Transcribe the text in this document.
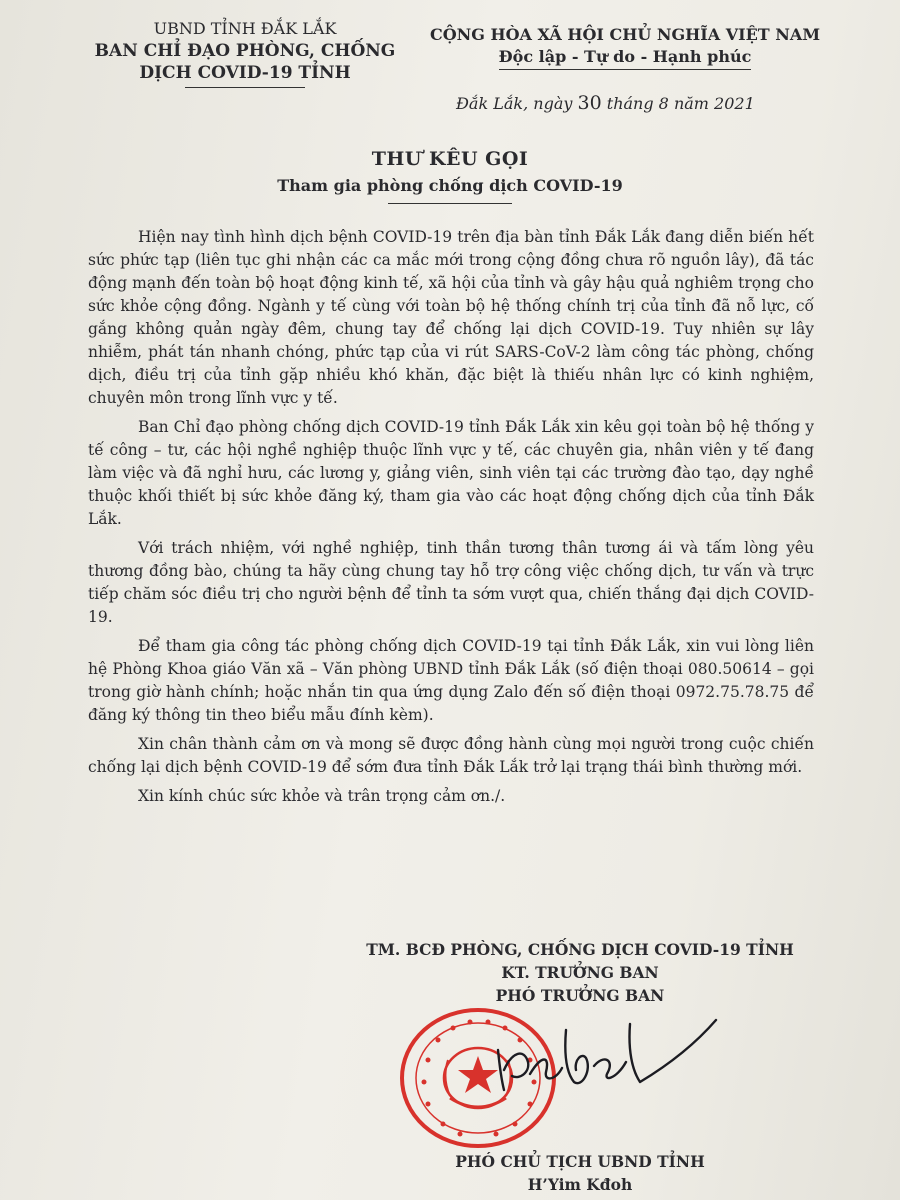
UBND TỈNH ĐẮK LẮK
BAN CHỈ ĐẠO PHÒNG, CHỐNG
DỊCH COVID-19 TỈNH
CỘNG HÒA XÃ HỘI CHỦ NGHĨA VIỆT NAM
Độc lập - Tự do - Hạnh phúc
Đắk Lắk, ngày 30 tháng 8 năm 2021
THƯ KÊU GỌI
Tham gia phòng chống dịch COVID-19

Hiện nay tình hình dịch bệnh COVID-19 trên địa bàn tỉnh Đắk Lắk đang diễn biến hết sức phức tạp (liên tục ghi nhận các ca mắc mới trong cộng đồng chưa rõ nguồn lây), đã tác động mạnh đến toàn bộ hoạt động kinh tế, xã hội của tỉnh và gây hậu quả nghiêm trọng cho sức khỏe cộng đồng. Ngành y tế cùng với toàn bộ hệ thống chính trị của tỉnh đã nỗ lực, cố gắng không quản ngày đêm, chung tay để chống lại dịch COVID-19. Tuy nhiên sự lây nhiễm, phát tán nhanh chóng, phức tạp của vi rút SARS-CoV-2 làm công tác phòng, chống dịch, điều trị của tỉnh gặp nhiều khó khăn, đặc biệt là thiếu nhân lực có kinh nghiệm, chuyên môn trong lĩnh vực y tế.

Ban Chỉ đạo phòng chống dịch COVID-19 tỉnh Đắk Lắk xin kêu gọi toàn bộ hệ thống y tế công – tư, các hội nghề nghiệp thuộc lĩnh vực y tế, các chuyên gia, nhân viên y tế đang làm việc và đã nghỉ hưu, các lương y, giảng viên, sinh viên tại các trường đào tạo, dạy nghề thuộc khối thiết bị sức khỏe đăng ký, tham gia vào các hoạt động chống dịch của tỉnh Đắk Lắk.

Với trách nhiệm, với nghề nghiệp, tinh thần tương thân tương ái và tấm lòng yêu thương đồng bào, chúng ta hãy cùng chung tay hỗ trợ công việc chống dịch, tư vấn và trực tiếp chăm sóc điều trị cho người bệnh để tỉnh ta sớm vượt qua, chiến thắng đại dịch COVID-19.

Để tham gia công tác phòng chống dịch COVID-19 tại tỉnh Đắk Lắk, xin vui lòng liên hệ Phòng Khoa giáo Văn xã – Văn phòng UBND tỉnh Đắk Lắk (số điện thoại 080.50614 – gọi trong giờ hành chính; hoặc nhắn tin qua ứng dụng Zalo đến số điện thoại 0972.75.78.75 để đăng ký thông tin theo biểu mẫu đính kèm).

Xin chân thành cảm ơn và mong sẽ được đồng hành cùng mọi người trong cuộc chiến chống lại dịch bệnh COVID-19 để sớm đưa tỉnh Đắk Lắk trở lại trạng thái bình thường mới.

Xin kính chúc sức khỏe và trân trọng cảm ơn./.

TM. BCĐ PHÒNG, CHỐNG DỊCH COVID-19 TỈNH
KT. TRƯỞNG BAN
PHÓ TRƯỞNG BAN
PHÓ CHỦ TỊCH UBND TỈNH
H’Yim Kđoh
